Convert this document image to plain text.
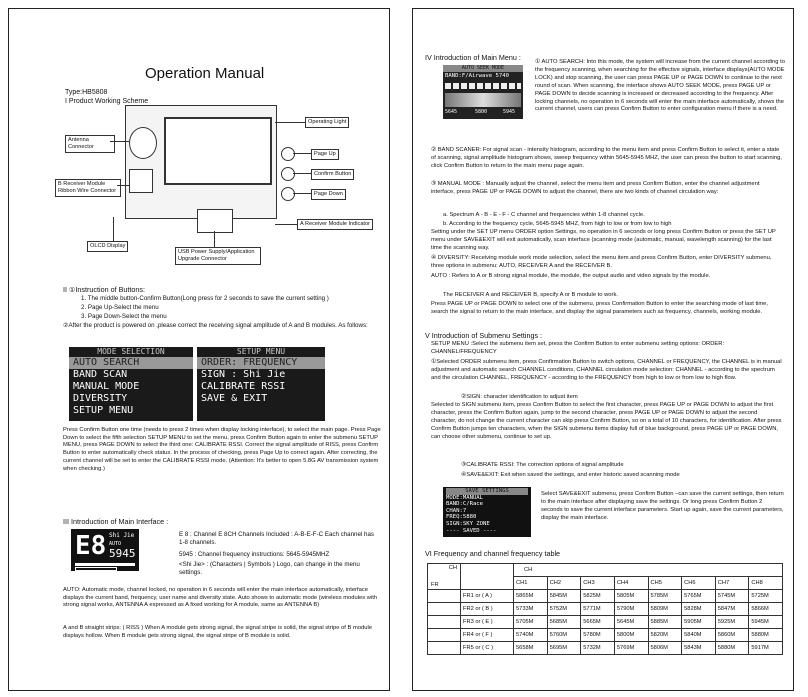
Operation Manual
Type:HB5808
I Product Working Scheme
Operating Light
Antenna Connector
Page Up
Confirm Button
Page Down
B Receiver Module Ribbon Wire Connector
A Receiver Module Indicator
OLCD Display
USB Power Supply/Application Upgrade Connector
II ①Instruction of Buttons:
1. The middle button-Confirm Button(Long press for 2 seconds to save the current setting )
2. Page Up-Select the menu
3. Page Down-Select the menu
②After the product is powered on ,please correct the receiving signal amplitude of A and B modules. As follows:
MODE SELECTION
AUTO SEARCH
BAND SCAN
MANUAL MODE
DIVERSITY
SETUP MENU
SETUP MENU
ORDER: FREQUENCY
SIGN : Shi Jie
CALIBRATE RSSI
SAVE & EXIT
Press Confirm Button one time (needs to press 2 times when display locking interface), to select the main page. Press Page Down to select the fifth selection SETUP MENU to set the menu, press Confirm Button again to enter the submenu SETUP MENU, press PAGE DOWN to select the third one: CALIBRATE RSSI. Correct the signal amplitude of RISS, press Confirm Button to enter automatically check status. In the process of checking, press Page Up to correct again. After correcting, the current channel will be set to enter the CALIBRATE RSSI mode. (Attention: It's better to open 5.8G AV transmission system when checking.)
III Introduction of Main Interface :
E8 Shi Jie
AUTO
5945
E 8 : Channel E 8CH Channels Included : A-B-E-F-C Each channel has 1-8 channels.
5945 : Channel frequency instructions: 5645-5945MHZ
<Shi Jie> : (Characters | Symbols ) Logo, can change in the menu settings.
AUTO: Automatic mode, channel locked, no operation in 6 seconds will enter the main interface automatically, interface displays the current band, frequency, user name and diversity state. Auto shows to automatic mode (wireless modules with strong signal works, ANTENNA A expressed as A fixed working for A module, same as ANTENNA B)
A and B straight strips: ( RISS ) When A module gets strong signal, the signal stripe is solid, the signal stripe of B module displays hollow. When B module gets strong signal, the signal stripe of B module is solid.
IV Introduction of Main Menu :
AUTO SEEK MODE
BAND:F/Airwave 5740
5645	5800	5945
① AUTO SEARCH: Into this mode, the system will increase from the current channel according to the frequency scanning, when searching for the effective signals, interface displays(AUTO MODE LOCK) and stop scanning, the user can press PAGE UP or PAGE DOWN to continue to the next round of scan. When scanning, the interface shows AUTO SEEK MODE, press PAGE UP or PAGE DOWN to decide scanning is increased or decreased according to the frequency. After locking channels, no operation in 6 seconds will enter the main interface automatically, shows the current channel, users can press Confirm Button to enter configuration menu if there is a need.
② BAND SCANER: For signal scan - intensity histogram, according to the menu item and press Confirm Button to select it, enter a state of scanning, signal amplitude histogram shows, sweep frequency within 5645-5945 MHZ, the user can press the button to start scanning, click Confirm Button to return to the main menu page again.
③ MANUAL MODE : Manually adjust the channel, select the menu item and press Confirm Button, enter the channel adjustment interface, press PAGE UP or PAGE DOWN to adjust the channel, there are two kinds of channel circulation way:
a. Spectrum A - B - E - F - C channel and frequencies within 1-8 channel cycle.
b. According to the frequency cycle, 5645-5945 MHZ, from high to low or from low to high
Setting under the SET UP menu ORDER option Settings, no operation in 6 seconds or long press Confirm Button or press the SET UP menu under SAVE&EXIT will exit automatically, scan interface (scanning mode (automatic, manual, wavelength scanning) for the last time the scanning way.
④ DIVERSITY: Receiving module work mode selection, select the menu item and press Confirm Button, enter DIVERSITY submenu, three options in submenu: AUTO, RECEIVER A and the RECEIVER B.
AUTO : Refers to A or B strong signal module, the module, the output audio and video signals by the module.
The RECEIVER A and RECEIVER B, specify A or B module to work.
Press PAGE UP or PAGE DOWN to select one of the submenu, press Confirmation Button to enter the searching mode of last time, search the signal to return to the main interface, and display the signal parameters such as frequency, channels, working module.
V Introduction of Submenu Settings :
SETUP MENU :Select the submenu item set, press the Confirm Button to enter submenu setting options: ORDER: CHANNEL/FREQUENCY
①Selected ORDER submenu item, press Confirmation Button to switch options, CHANNEL or FREQUENCY, the CHANNEL is in manual adjustment and automatic search CHANNEL conditions, CHANNEL circulation mode selection: CHANNEL - according to the spectrum and the circulation CHANNEL, FREQUENCY - according to the FREQUENCY from high to low or from low to high flow.
②SIGN: character identification to adjust item
Selected to SIGN submenu item, press Confirm Button to select the first character, press PAGE UP or PAGE DOWN to adjust the first character, press the Confirm Button again, jump to the second character, press PAGE UP or PAGE DOWN to adjust the second character, do not change the current character can skip press Confirm Button, so on a total of 10 characters, for identification. After press Confirm Button jumps ten characters, when the SIGN submenu items display full of blue background, press PAGE UP or PAGE DOWN, can choose other submenu, continue to set up.
③CALIBRATE RSSI: The correction options of signal amplitude
④SAVE&EXIT: Exit when saved the settings, and enter historic saved scanning mode
SAVE SETTINGS
MODE:MANUAL
BAND:C/Race
CHAN:7
FREQ:5880
SIGN:SKY ZONE
---- SAVED ----
Select SAVE&EXIT submenu, press Confirm Button –can save the current settings, then return to the main interface after displaying save the settings. Or long press Confirm Button 2 seconds to save the current interface parameters. Start up again, save the current parameters, display the main interface.
VI Frequency and channel frequency table
CH
FR		CH							
		CH1	CH2	CH3	CH4	CH5	CH6	CH7	CH8
	FR1 or ( A )	5865M	5845M	5825M	5805M	5785M	5765M	5745M	5725M
	FR2 or ( B )	5733M	5752M	5771M	5790M	5809M	5828M	5847M	5866M
	FR3 or ( E )	5705M	5685M	5665M	5645M	5885M	5905M	5925M	5945M
	FR4 or ( F )	5740M	5760M	5780M	5800M	5820M	5840M	5860M	5880M
	FR5 or ( C )	5658M	5695M	5732M	5769M	5806M	5843M	5880M	5917M
